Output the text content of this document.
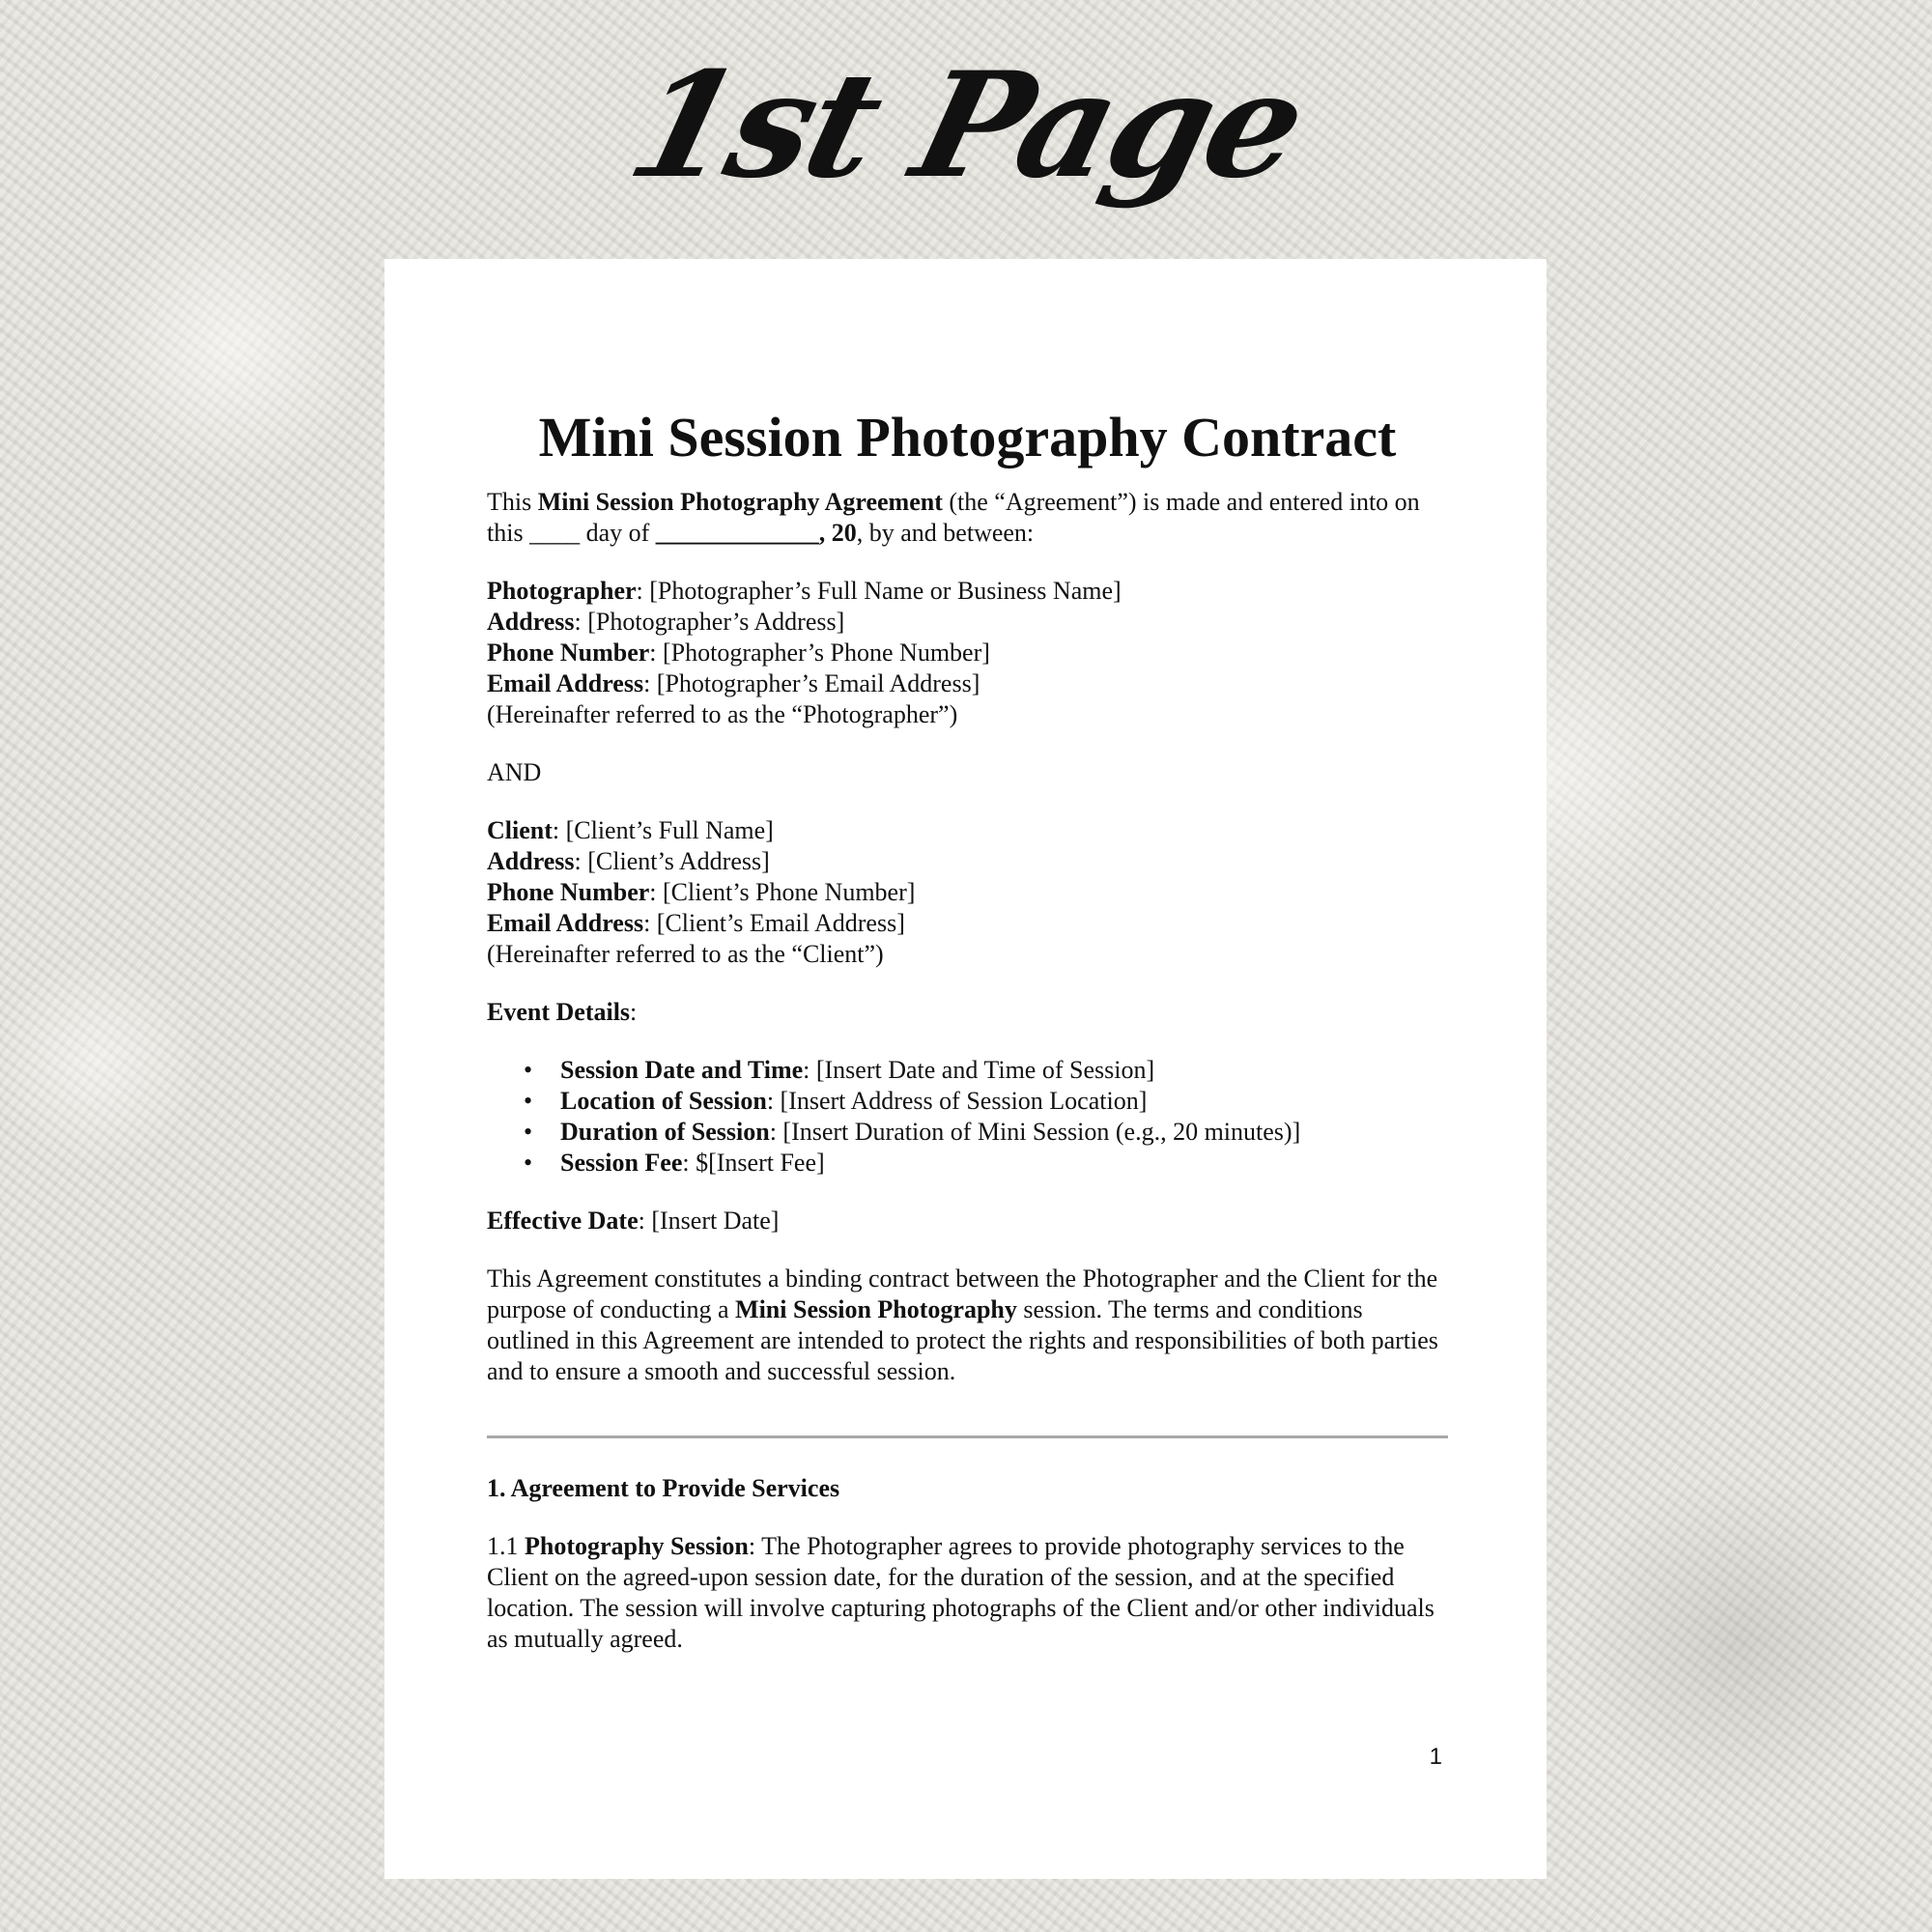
1st Page
Mini Session Photography Contract

This Mini Session Photography Agreement (the “Agreement”) is made and entered into on this ____ day of _____________, 20, by and between:

Photographer: [Photographer’s Full Name or Business Name]

Address: [Photographer’s Address]

Phone Number: [Photographer’s Phone Number]

Email Address: [Photographer’s Email Address]

(Hereinafter referred to as the “Photographer”)

AND

Client: [Client’s Full Name]

Address: [Client’s Address]

Phone Number: [Client’s Phone Number]

Email Address: [Client’s Email Address]

(Hereinafter referred to as the “Client”)

Event Details:

• Session Date and Time: [Insert Date and Time of Session]
• Location of Session: [Insert Address of Session Location]
• Duration of Session: [Insert Duration of Mini Session (e.g., 20 minutes)]
• Session Fee: $[Insert Fee]

Effective Date: [Insert Date]

This Agreement constitutes a binding contract between the Photographer and the Client for the purpose of conducting a Mini Session Photography session. The terms and conditions outlined in this Agreement are intended to protect the rights and responsibilities of both parties and to ensure a smooth and successful session.

1. Agreement to Provide Services

1.1 Photography Session: The Photographer agrees to provide photography services to the Client on the agreed-upon session date, for the duration of the session, and at the specified location. The session will involve capturing photographs of the Client and/or other individuals as mutually agreed.

1
